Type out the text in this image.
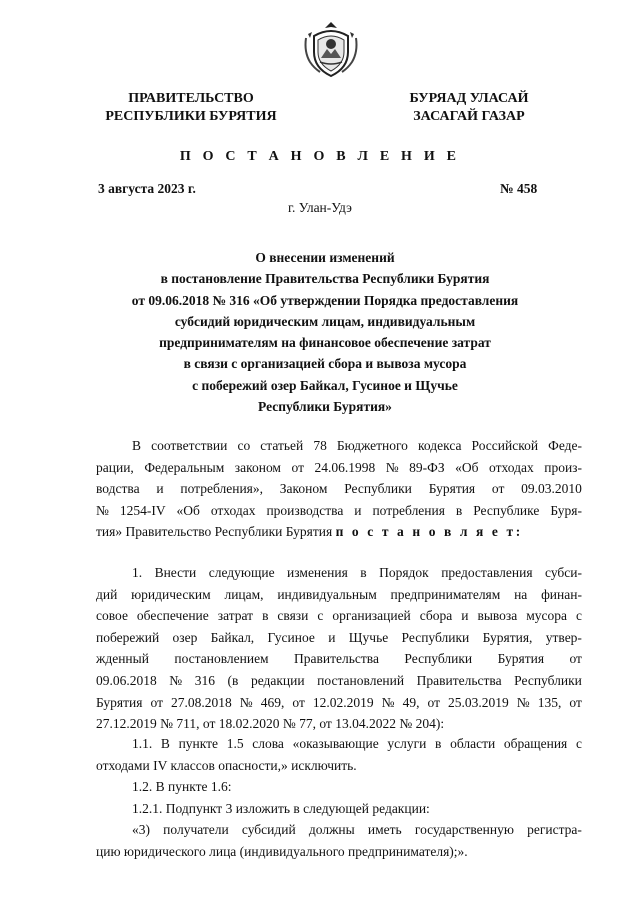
ПРАВИТЕЛЬСТВО
РЕСПУБЛИКИ БУРЯТИЯ
БУРЯАД УЛАСАЙ
ЗАСАГАЙ ГАЗАР
П О С Т А Н О В Л Е Н И Е
3 августа 2023 г.	№ 458
г. Улан-Удэ
О внесении изменений
в постановление Правительства Республики Бурятия
от 09.06.2018 № 316 «Об утверждении Порядка предоставления
субсидий юридическим лицам, индивидуальным
предпринимателям на финансовое обеспечение затрат
в связи с организацией сбора и вывоза мусора
с побережий озер Байкал, Гусиное и Щучье
Республики Бурятия»
В соответствии со статьей 78 Бюджетного кодекса Российской Феде-
рации, Федеральным законом от 24.06.1998 № 89-ФЗ «Об отходах произ-
водства и потребления», Законом Республики Бурятия от 09.03.2010
№ 1254-IV «Об отходах производства и потребления в Республике Буря-
тия» Правительство Республики Бурятия
п о с т а н о в л я е т:
1. Внести следующие изменения в Порядок предоставления субси-
дий юридическим лицам, индивидуальным предпринимателям на финан-
совое обеспечение затрат в связи с организацией сбора и вывоза мусора с
побережий озер Байкал, Гусиное и Щучье Республики Бурятия, утвер-
жденный постановлением Правительства Республики Бурятия от
09.06.2018 № 316 (в редакции постановлений Правительства Республики
Бурятия от 27.08.2018 № 469, от 12.02.2019 № 49, от 25.03.2019 № 135, от
27.12.2019 № 711, от 18.02.2020 № 77, от 13.04.2022 № 204):
1.1. В пункте 1.5 слова «оказывающие услуги в области обращения с
отходами IV классов опасности,» исключить.
1.2. В пункте 1.6:
1.2.1. Подпункт 3 изложить в следующей редакции:
«3) получатели субсидий должны иметь государственную регистра-
цию юридического лица (индивидуального предпринимателя);».
